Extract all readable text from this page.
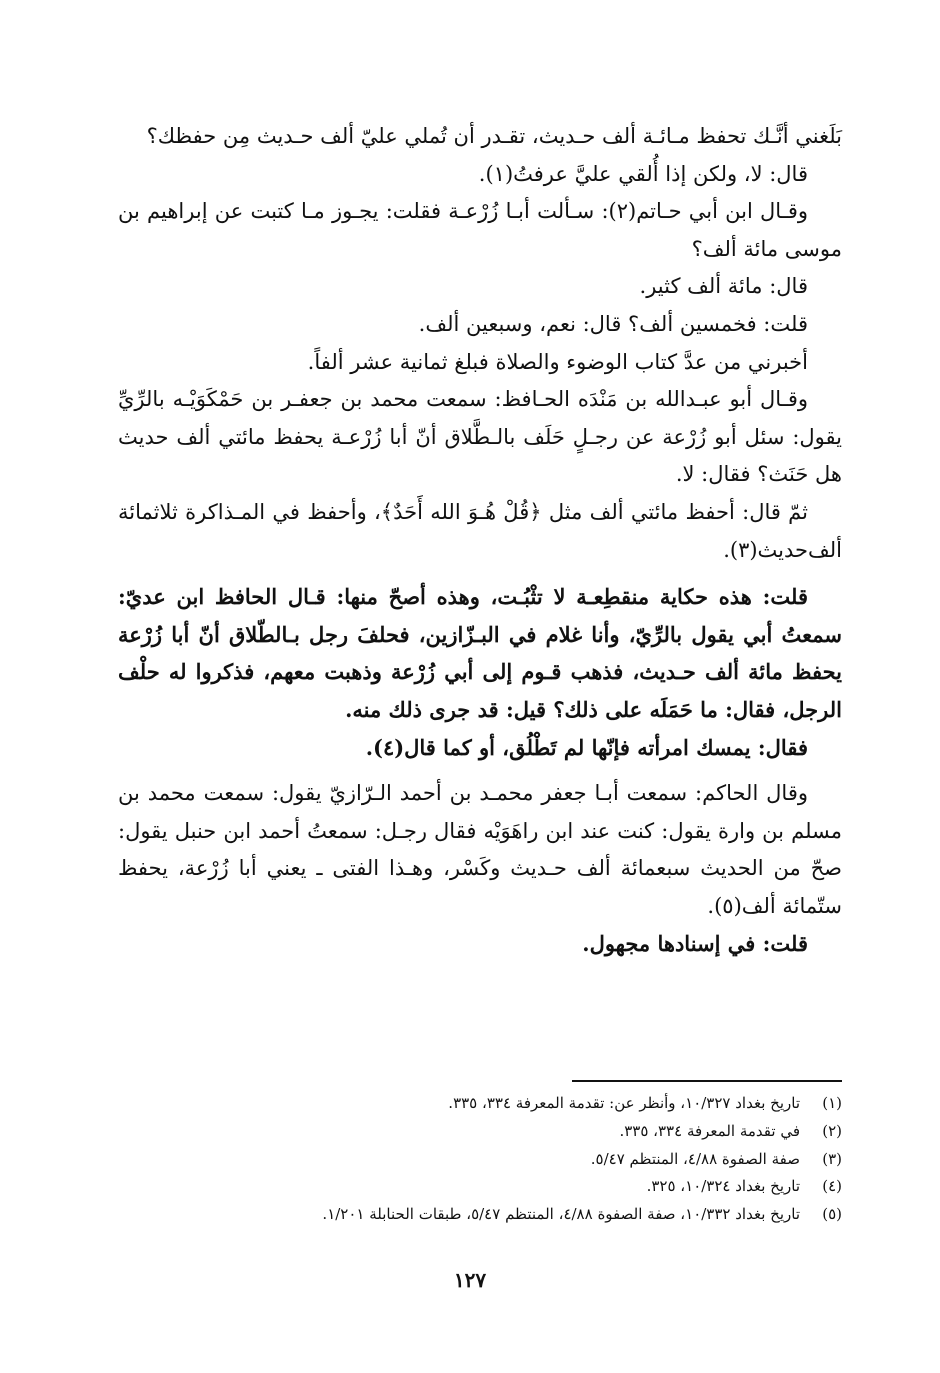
بَلَغني أنَّـك تحفظ مـائـة ألف حـديث، تقـدر أن تُملي عليّ ألف حـديث مِن حفظك؟

قال: لا، ولكن إذا أُلقي عليَّ عرفتُ(١).

وقـال ابن أبي حـاتم(٢): سـألت أبـا زُرْعـة فقلت: يجـوز مـا كتبت عن إبراهيم بن موسى مائة ألف؟

قال: مائة ألف كثير.

قلت: فخمسين ألف؟ قال: نعم، وسبعين ألف.

أخبرني من عدَّ كتاب الوضوء والصلاة فبلغ ثمانية عشر ألفاً.

وقـال أبو عبـدالله بن مَنْدَه الحـافظ: سمعت محمد بن جعفـر بن حَمْكَوَيْـه بالرِّيِّ يقول: سئل أبو زُرْعة عن رجـلٍ حَلَف بالـطَّلاق أنّ أبا زُرْعـة يحفظ مائتي ألف حديث هل حَنَث؟ فقال: لا.

ثمّ قال: أحفظ مائتي ألف مثل ﴿قُلْ هُـوَ الله أَحَدٌ﴾، وأحفظ في المـذاكرة ثلاثمائة ألف‌حديث(٣).

قلت: هذه حكاية منقطِعـة لا تثْبُـت، وهذه أصحّ منها: قـال الحافظ ابن عديّ: سمعتُ أبي يقول بالرِّيّ، وأنا غلام في البـزّازين، فحلفَ رجل بـالطّلاق أنّ أبا زُرْعة يحفظ مائة ألف حـديث، فذهب قـوم إلى أبي زُرْعة وذهبت معهم، فذكروا له حلْف الرجل، فقال: ما حَمَلَه على ذلك؟ قيل: قد جرى ذلك منه.

فقال: يمسك امرأته فإنّها لم تَطْلُق، أو كما قال(٤).

وقال الحاكم: سمعت أبـا جعفر محمـد بن أحمد الـرّازيّ يقول: سمعت محمد بن مسلم بن وارة يقول: كنت عند ابن راهَوَيْه فقال رجـل: سمعتُ أحمد ابن حنبل يقول: صحّ من الحديث سبعمائة ألف حـديث وكَسْر، وهـذا الفتى ـ يعني أبا زُرْعة، يحفظ ستّمائة ألف(٥).

قلت: في إسنادها مجهول.

(١)
تاريخ بغداد ١٠/٣٢٧، وأنظر عن: تقدمة المعرفة ٣٣٤، ٣٣٥.
(٢)
في تقدمة المعرفة ٣٣٤، ٣٣٥.
(٣)
صفة الصفوة ٤/٨٨، المنتظم ٥/٤٧.
(٤)
تاريخ بغداد ١٠/٣٢٤، ٣٢٥.
(٥)
تاريخ بغداد ١٠/٣٣٢، صفة الصفوة ٤/٨٨، المنتظم ٥/٤٧، طبقات الحنابلة ١/٢٠١.
١٢٧
